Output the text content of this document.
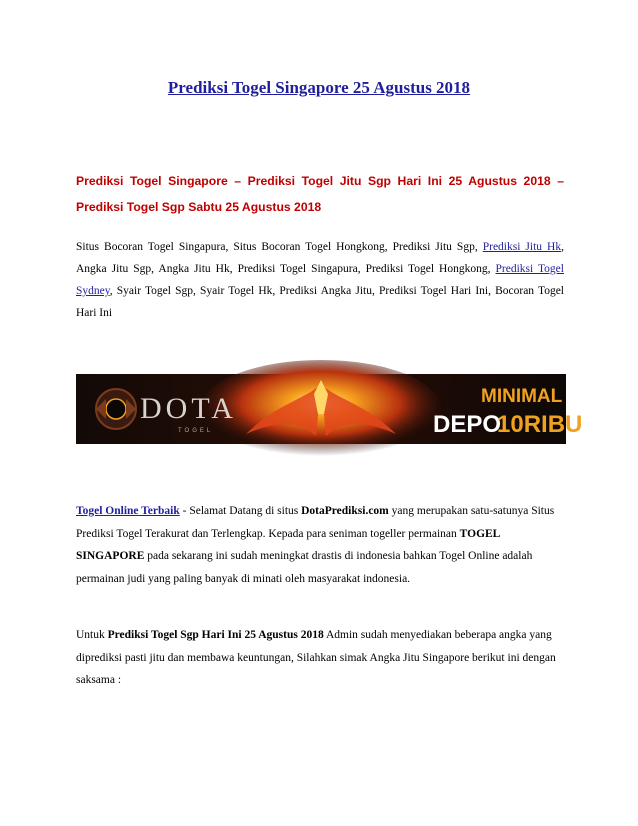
Prediksi Togel Singapore 25 Agustus 2018
Prediksi Togel Singapore – Prediksi Togel Jitu Sgp Hari Ini 25 Agustus 2018 – Prediksi Togel Sgp Sabtu 25 Agustus 2018
Situs Bocoran Togel Singapura, Situs Bocoran Togel Hongkong, Prediksi Jitu Sgp, Prediksi Jitu Hk, Angka Jitu Sgp, Angka Jitu Hk, Prediksi Togel Singapura, Prediksi Togel Hongkong, Prediksi Togel Sydney, Syair Togel Sgp, Syair Togel Hk, Prediksi Angka Jitu, Prediksi Togel Hari Ini, Bocoran Togel Hari Ini
DOTA
TOGEL
MINIMAL
DEPO
10RIBU
Togel Online Terbaik - Selamat Datang di situs DotaPrediksi.com yang merupakan satu-satunya Situs Prediksi Togel Terakurat dan Terlengkap. Kepada para seniman togeller permainan TOGEL SINGAPORE pada sekarang ini sudah meningkat drastis di indonesia bahkan Togel Online adalah permainan judi yang paling banyak di minati oleh masyarakat indonesia.
Untuk Prediksi Togel Sgp Hari Ini 25 Agustus 2018 Admin sudah menyediakan beberapa angka yang diprediksi pasti jitu dan membawa keuntungan, Silahkan simak Angka Jitu Singapore berikut ini dengan saksama :
